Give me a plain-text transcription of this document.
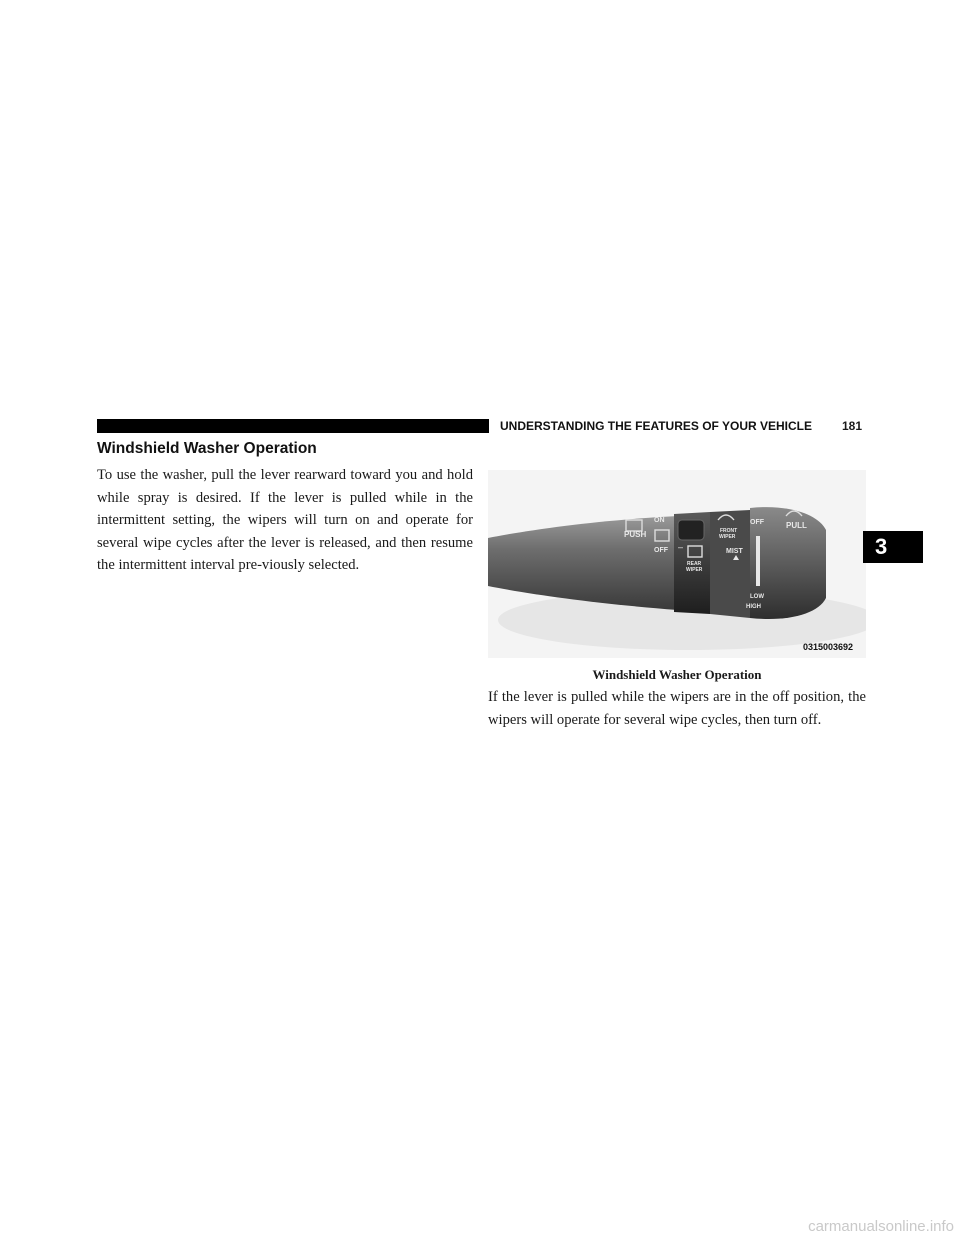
UNDERSTANDING THE FEATURES OF YOUR VEHICLE 181
Windshield Washer Operation

To use the washer, pull the lever rearward toward you and hold while spray is desired. If the lever is pulled while in the intermittent setting, the wipers will turn on and operate for several wipe cycles after the lever is released, and then resume the intermittent interval pre-viously selected.

PUSH
ON
OFF
REAR
WIPER
FRONT
WIPER
MIST
OFF	PULL
LOW
HIGH
–
0315003692
Windshield Washer Operation

If the lever is pulled while the wipers are in the off position, the wipers will operate for several wipe cycles, then turn off.

3
carmanualsonline.info
